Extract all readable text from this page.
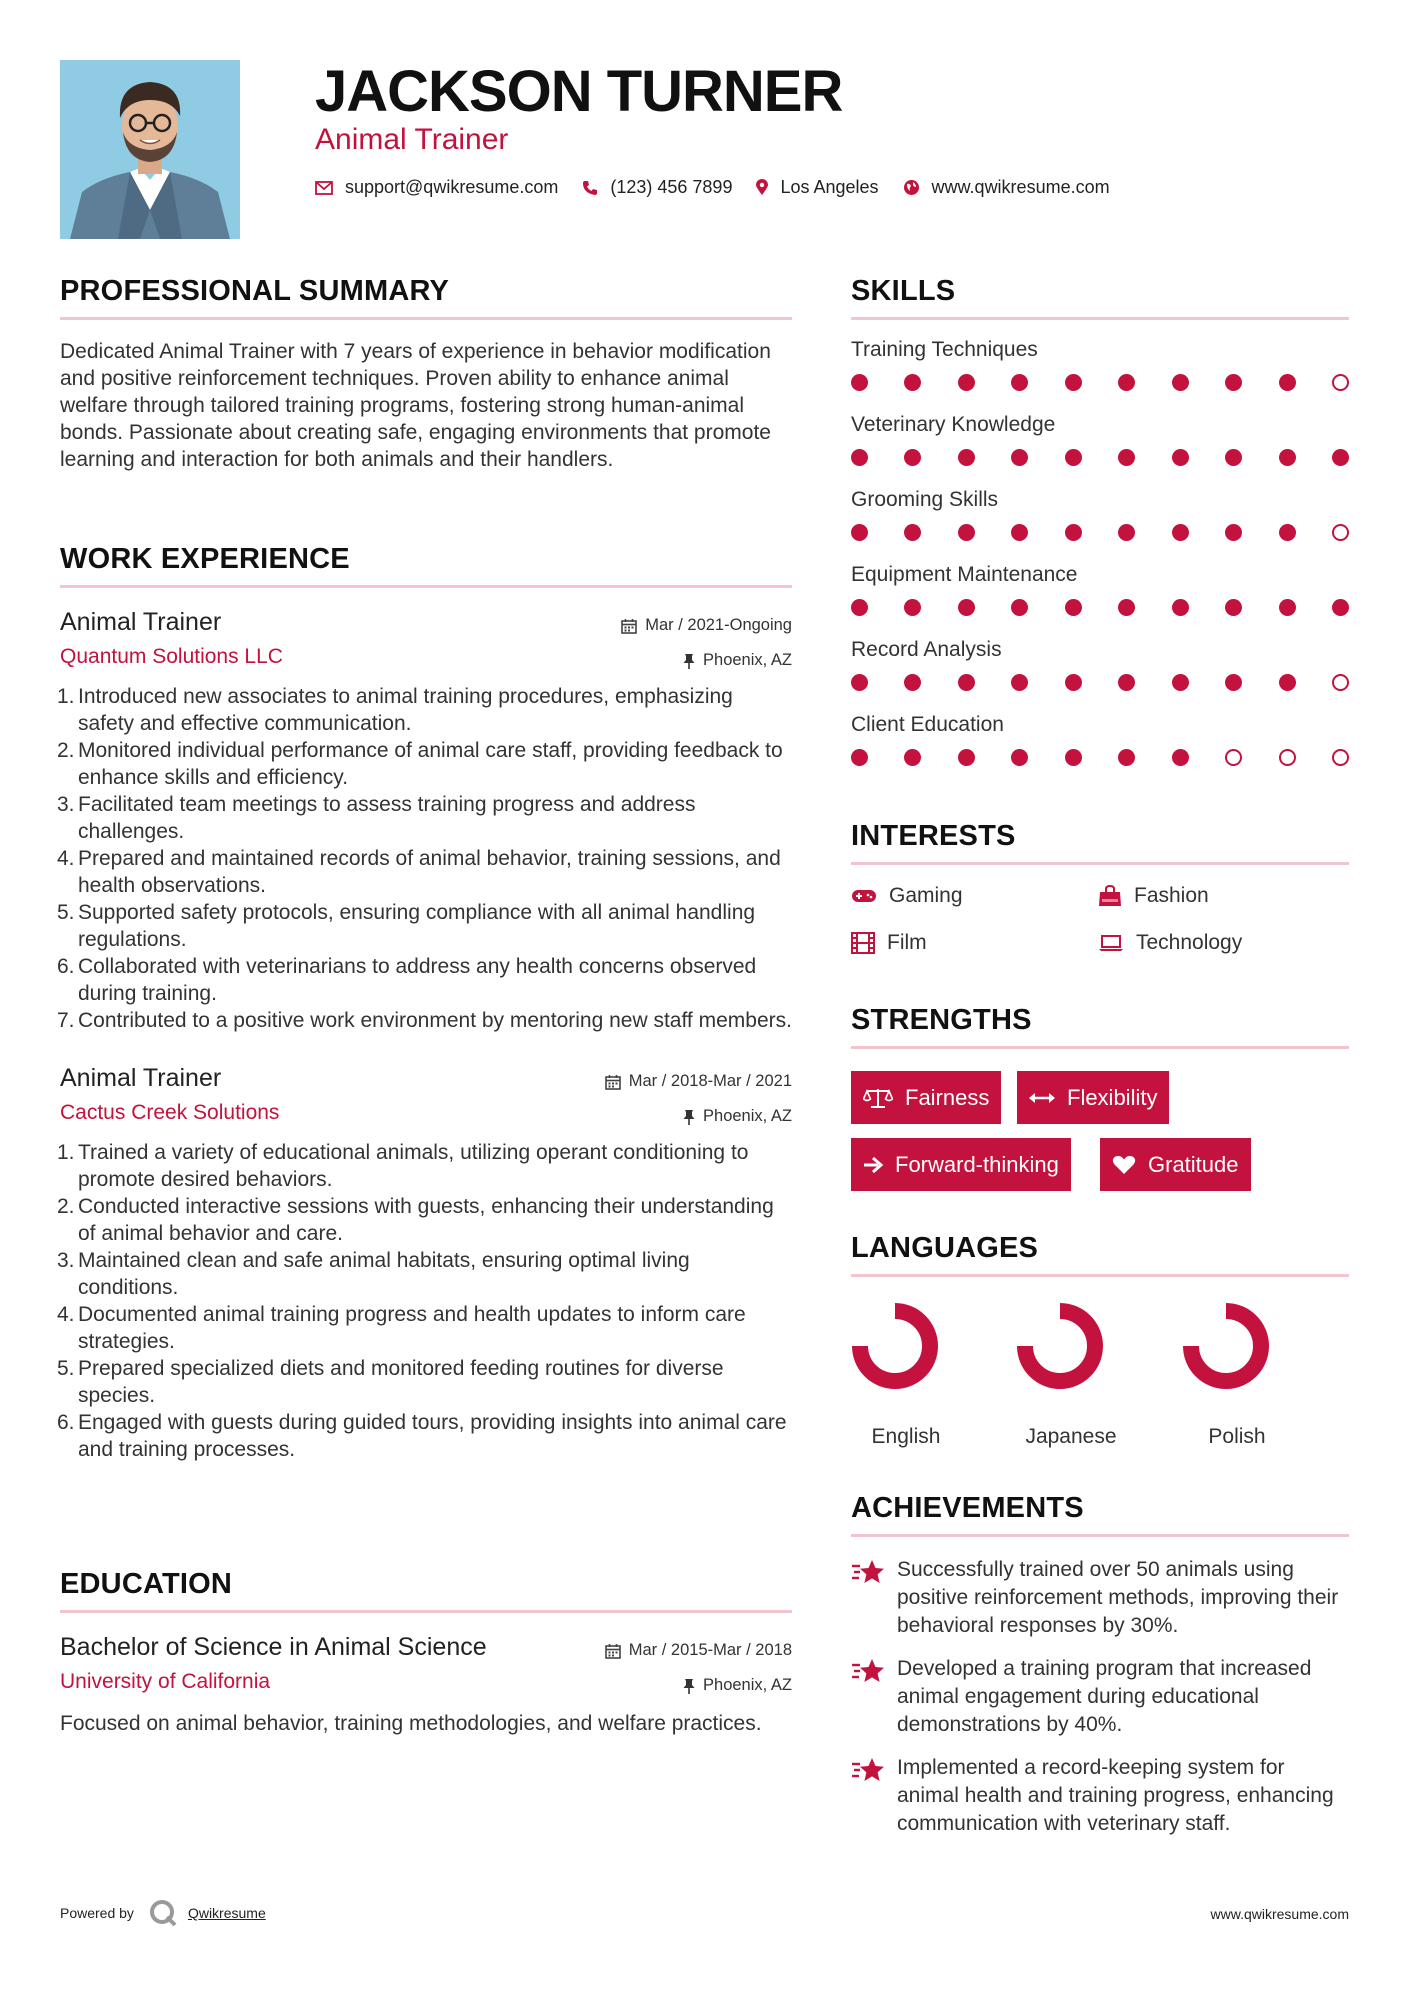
JACKSON TURNER
Animal Trainer
support@qwikresume.com	(123) 456 7899	Los Angeles	www.qwikresume.com
PROFESSIONAL SUMMARY
Dedicated Animal Trainer with 7 years of experience in behavior modification and positive reinforcement techniques. Proven ability to enhance animal welfare through tailored training programs, fostering strong human-animal bonds. Passionate about creating safe, engaging environments that promote learning and interaction for both animals and their handlers.
WORK EXPERIENCE
Animal Trainer
Quantum Solutions LLC
Mar / 2021-Ongoing
Phoenix, AZ
1. Introduced new associates to animal training procedures, emphasizing safety and effective communication.
2. Monitored individual performance of animal care staff, providing feedback to enhance skills and efficiency.
3. Facilitated team meetings to assess training progress and address challenges.
4. Prepared and maintained records of animal behavior, training sessions, and health observations.
5. Supported safety protocols, ensuring compliance with all animal handling regulations.
6. Collaborated with veterinarians to address any health concerns observed during training.
7. Contributed to a positive work environment by mentoring new staff members.
Animal Trainer
Cactus Creek Solutions
Mar / 2018-Mar / 2021
Phoenix, AZ
1. Trained a variety of educational animals, utilizing operant conditioning to promote desired behaviors.
2. Conducted interactive sessions with guests, enhancing their understanding of animal behavior and care.
3. Maintained clean and safe animal habitats, ensuring optimal living conditions.
4. Documented animal training progress and health updates to inform care strategies.
5. Prepared specialized diets and monitored feeding routines for diverse species.
6. Engaged with guests during guided tours, providing insights into animal care and training processes.
EDUCATION
Bachelor of Science in Animal Science
University of California
Mar / 2015-Mar / 2018
Phoenix, AZ
Focused on animal behavior, training methodologies, and welfare practices.
SKILLS
Training Techniques
Veterinary Knowledge
Grooming Skills
Equipment Maintenance
Record Analysis
Client Education
INTERESTS
Gaming	Fashion
Film	Technology
STRENGTHS
Fairness	Flexibility
Forward-thinking	Gratitude
LANGUAGES
English	Japanese	Polish
ACHIEVEMENTS
Successfully trained over 50 animals using positive reinforcement methods, improving their behavioral responses by 30%.
Developed a training program that increased animal engagement during educational demonstrations by 40%.
Implemented a record-keeping system for animal health and training progress, enhancing communication with veterinary staff.
Powered by	Qwikresume	www.qwikresume.com
